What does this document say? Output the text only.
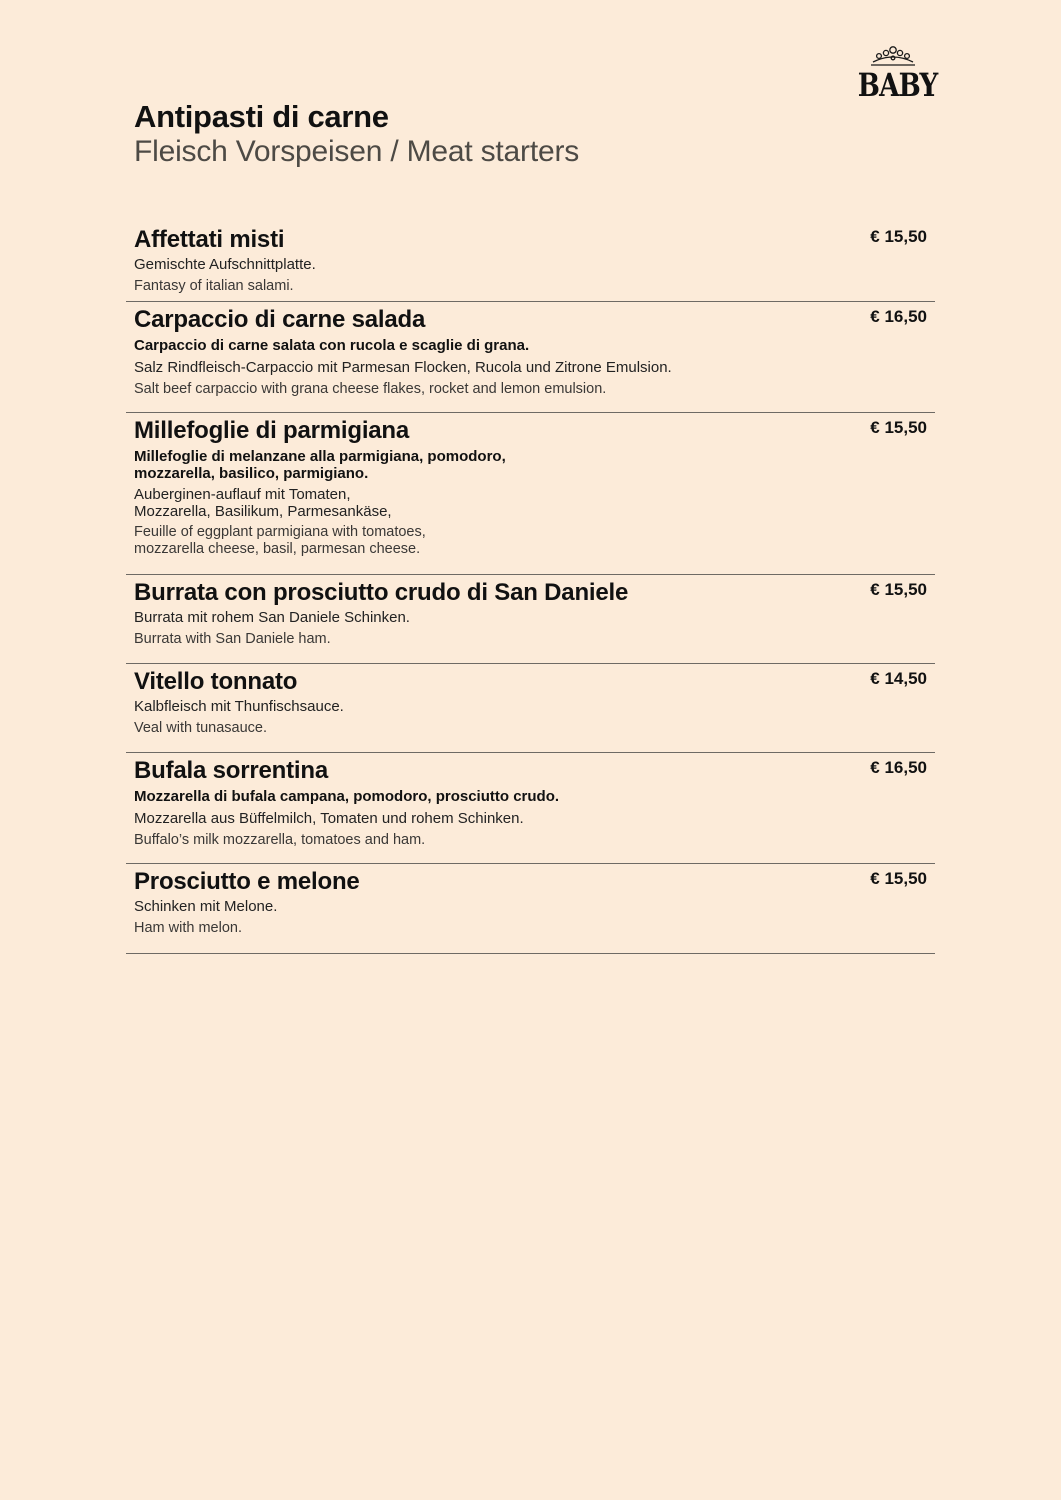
BABY
Antipasti di carne
Fleisch Vorspeisen / Meat starters
Affettati misti	€ 15,50
Gemischte Aufschnittplatte.
Fantasy of italian salami.
Carpaccio di carne salada	€ 16,50
Carpaccio di carne salata con rucola e scaglie di grana.
Salz Rindfleisch-Carpaccio mit Parmesan Flocken, Rucola und Zitrone Emulsion.
Salt beef carpaccio with grana cheese flakes, rocket and lemon emulsion.
Millefoglie di parmigiana	€ 15,50
Millefoglie di melanzane alla parmigiana, pomodoro,
mozzarella, basilico, parmigiano.
Auberginen-auflauf mit Tomaten,
Mozzarella, Basilikum, Parmesankäse,
Feuille of eggplant parmigiana with tomatoes,
mozzarella cheese, basil, parmesan cheese.
Burrata con prosciutto crudo di San Daniele	€ 15,50
Burrata mit rohem San Daniele Schinken.
Burrata with San Daniele ham.
Vitello tonnato	€ 14,50
Kalbfleisch mit Thunfischsauce.
Veal with tunasauce.
Bufala sorrentina	€ 16,50
Mozzarella di bufala campana, pomodoro, prosciutto crudo.
Mozzarella aus Büffelmilch, Tomaten und rohem Schinken.
Buffalo’s milk mozzarella, tomatoes and ham.
Prosciutto e melone	€ 15,50
Schinken mit Melone.
Ham with melon.
